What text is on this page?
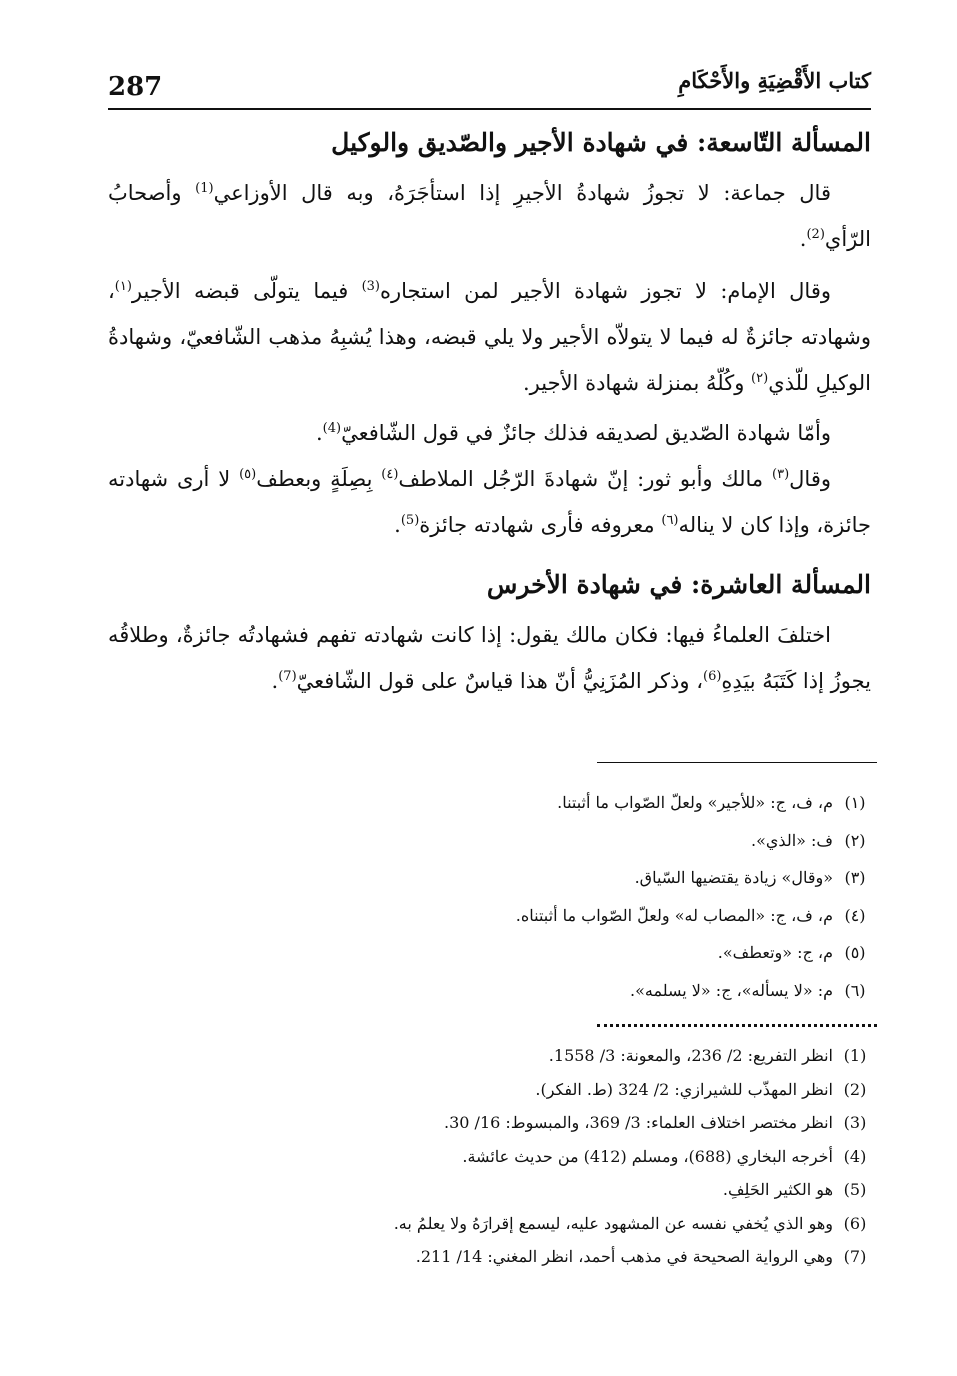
287	كتاب الأَقْضِيَةِ والأَحْكَامِ
المسألة التّاسعة: في شهادة الأجير والصّديق والوكيل

قال جماعة: لا تجوزُ شهادةُ الأجيرِ إذا استأجَرَهُ، وبه قال الأوزاعي$^{(1)}$ وأصحابُ الرّأي$^{(2)}$.

وقال الإمام: لا تجوز شهادة الأجير لمن استجاره$^{(3)}$ فيما يتولّى قبضه الأجير$^{(١)}$، وشهادته جائزةٌ له فيما لا يتولاّه الأجير ولا يلي قبضه، وهذا يُشبِهُ مذهب الشّافعيّ، وشهادةُ الوكيلِ للّذي$^{(٢)}$ وكُلّهُ بمنزلة شهادة الأجير.

وأمّا شهادة الصّديق لصديقه فذلك جائزٌ في قول الشّافعيّ$^{(4)}$.

وقال$^{(٣)}$ مالك وأبو ثور: إنّ شهادةَ الرّجُل الملاطف$^{(٤)}$ بِصِلَةٍ وبعطف$^{(٥)}$ لا أرى شهادته جائزة، وإذا كان لا يناله$^{(٦)}$ معروفه فأرى شهادته جائزة$^{(5)}$.

المسألة العاشرة: في شهادة الأخرس

اختلفَ العلماءُ فيها: فكان مالك يقول: إذا كانت شهادته تفهم فشهادتُه جائزةٌ، وطلاقُه يجوزُ إذا كَتَبَهُ بيَدِهِ$^{(6)}$، وذكر المُزَنِيُّ أنّ هذا قياسٌ على قول الشّافعيّ$^{(7)}$.

(١)
م، ف، ج: «للأجير» ولعلّ الصّواب ما أثبتنا.
(٢)
ف: «الذي».
(٣)
«وقال» زيادة يقتضيها السّياق.
(٤)
م، ف، ج: «المصاب له» ولعلّ الصّواب ما أثبتناه.
(٥)
م، ج: «وتعطف».
(٦)
م: «لا يسأله»، ج: «لا يسلمه».
(1)
انظر التفريع: 2/ 236، والمعونة: 3/ 1558.
(2)
انظر المهذّب للشيرازي: 2/ 324 (ط. الفكر).
(3)
انظر مختصر اختلاف العلماء: 3/ 369، والمبسوط: 16/ 30.
(4)
أخرجه البخاري (688)، ومسلم (412) من حديث عائشة.
(5)
هو الكثير الحَلِفِ.
(6)
وهو الذي يُخفي نفسه عن المشهود عليه، ليسمع إقرارَهُ ولا يعلمُ به.
(7)
وهي الرواية الصحيحة في مذهب أحمد، انظر المغني: 14/ 211.
